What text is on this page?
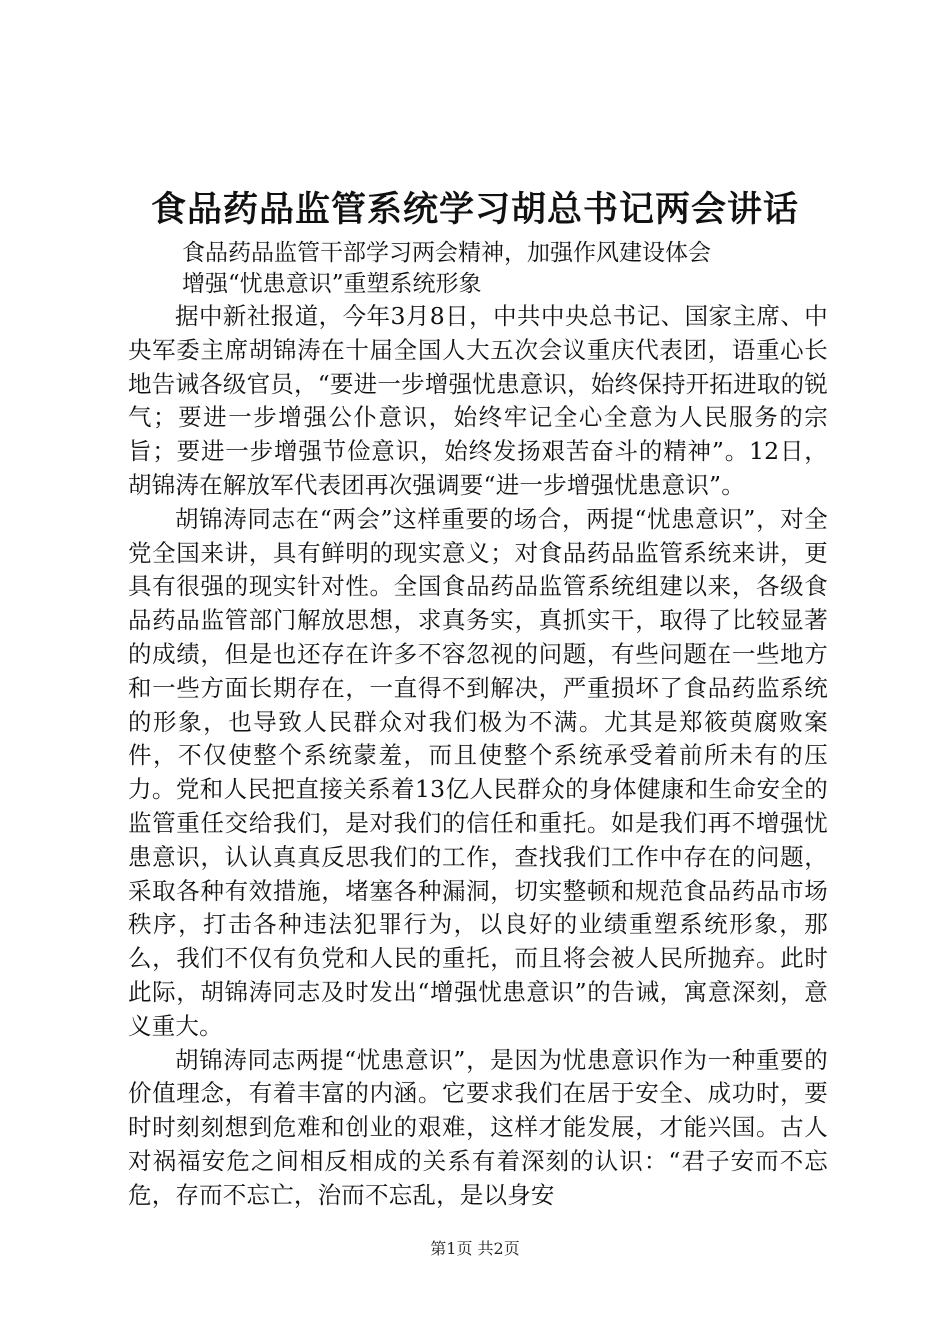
食品药品监管系统学习胡总书记两会讲话
食品药品监管干部学习两会精神，加强作风建设体会
增强“忧患意识”重塑系统形象

据中新社报道，今年3月8日，中共中央总书记、国家主席、中央军委主席胡锦涛在十届全国人大五次会议重庆代表团，语重心长地告诫各级官员，“要进一步增强忧患意识，始终保持开拓进取的锐气；要进一步增强公仆意识，始终牢记全心全意为人民服务的宗旨；要进一步增强节俭意识，始终发扬艰苦奋斗的精神”。12日，胡锦涛在解放军代表团再次强调要“进一步增强忧患意识”。

胡锦涛同志在“两会”这样重要的场合，两提“忧患意识”，对全党全国来讲，具有鲜明的现实意义；对食品药品监管系统来讲，更具有很强的现实针对性。全国食品药品监管系统组建以来，各级食品药品监管部门解放思想，求真务实，真抓实干，取得了比较显著的成绩，但是也还存在许多不容忽视的问题，有些问题在一些地方和一些方面长期存在，一直得不到解决，严重损坏了食品药监系统的形象，也导致人民群众对我们极为不满。尤其是郑筱萸腐败案件，不仅使整个系统蒙羞，而且使整个系统承受着前所未有的压力。党和人民把直接关系着13亿人民群众的身体健康和生命安全的监管重任交给我们，是对我们的信任和重托。如是我们再不增强忧患意识，认认真真反思我们的工作，查找我们工作中存在的问题，采取各种有效措施，堵塞各种漏洞，切实整顿和规范食品药品市场秩序，打击各种违法犯罪行为，以良好的业绩重塑系统形象，那么，我们不仅有负党和人民的重托，而且将会被人民所抛弃。此时此际，胡锦涛同志及时发出“增强忧患意识”的告诫，寓意深刻，意义重大。

胡锦涛同志两提“忧患意识”，是因为忧患意识作为一种重要的价值理念，有着丰富的内涵。它要求我们在居于安全、成功时，要时时刻刻想到危难和创业的艰难，这样才能发展，才能兴国。古人对祸福安危之间相反相成的关系有着深刻的认识：“君子安而不忘危，存而不忘亡，治而不忘乱，是以身安

第1页 共2页
